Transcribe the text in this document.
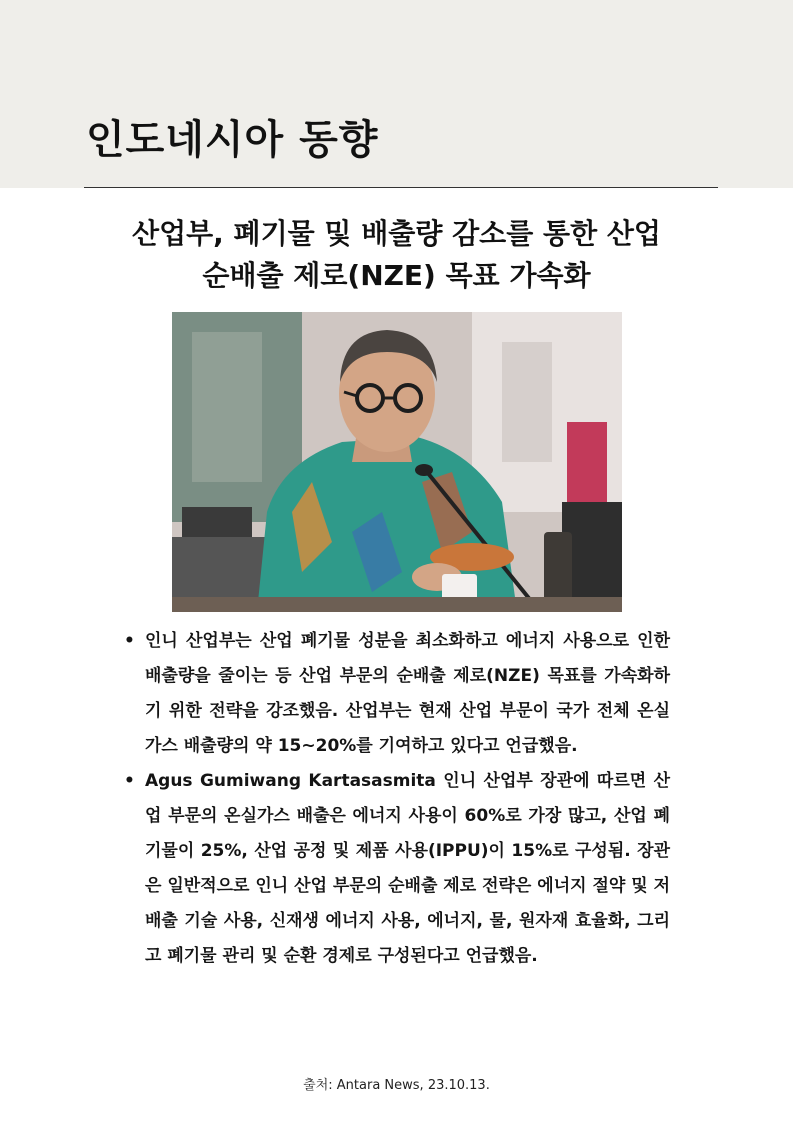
인도네시아 동향
산업부, 폐기물 및 배출량 감소를 통한 산업
순배출 제로(NZE) 목표 가속화
• 인니 산업부는 산업 폐기물 성분을 최소화하고 에너지 사용으로 인한 배출량을 줄이는 등 산업 부문의 순배출 제로(NZE) 목표를 가속화하기 위한 전략을 강조했음. 산업부는 현재 산업 부문이 국가 전체 온실가스 배출량의 약 15~20%를 기여하고 있다고 언급했음.
• Agus Gumiwang Kartasasmita 인니 산업부 장관에 따르면 산업 부문의 온실가스 배출은 에너지 사용이 60%로 가장 많고, 산업 폐기물이 25%, 산업 공정 및 제품 사용(IPPU)이 15%로 구성됨. 장관은 일반적으로 인니 산업 부문의 순배출 제로 전략은 에너지 절약 및 저배출 기술 사용, 신재생 에너지 사용, 에너지, 물, 원자재 효율화, 그리고 폐기물 관리 및 순환 경제로 구성된다고 언급했음.
출처: Antara News, 23.10.13.
